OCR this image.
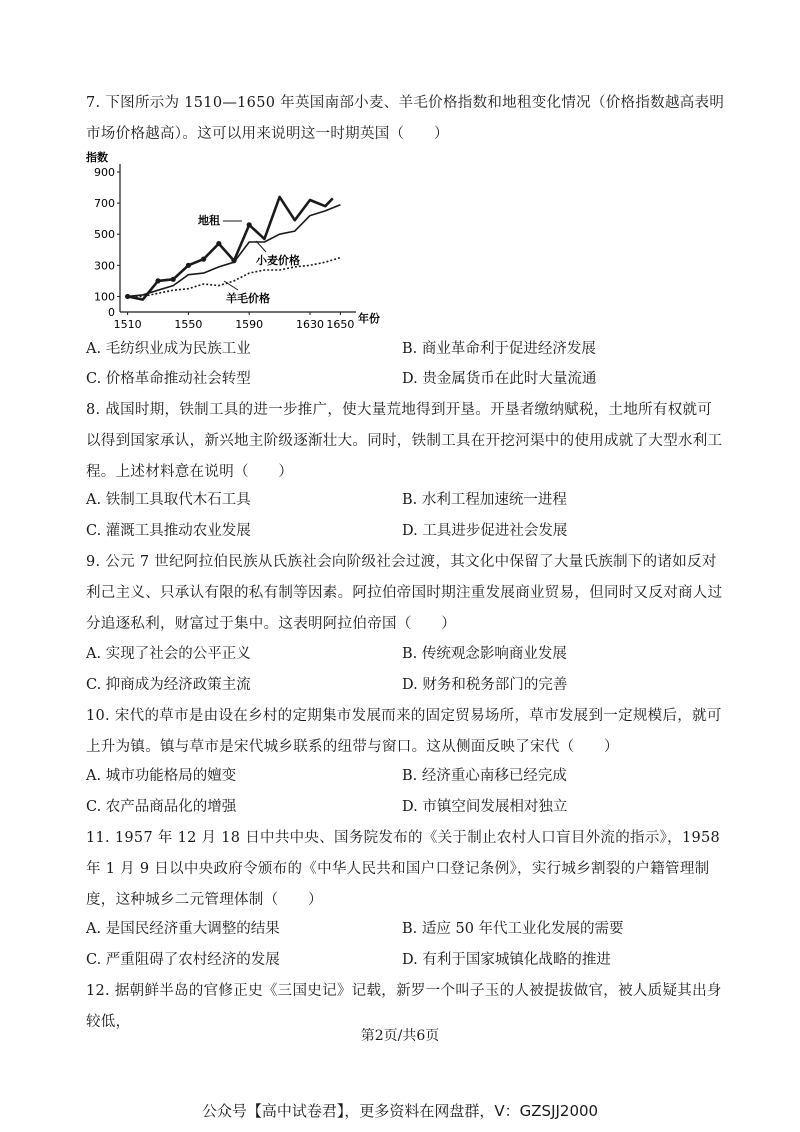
7. 下图所示为 1510—1650 年英国南部小麦、羊毛价格指数和地租变化情况（价格指数越高表明市场价格越高）。这可以用来说明这一时期英国（　　）
指数
年份
100
300
500
700
900
0
1510	1550	1590	1630 1650
地租
小麦价格
羊毛价格
A. 毛纺织业成为民族工业	B. 商业革命利于促进经济发展
C. 价格革命推动社会转型	D. 贵金属货币在此时大量流通
8. 战国时期，铁制工具的进一步推广，使大量荒地得到开垦。开垦者缴纳赋税，土地所有权就可以得到国家承认，新兴地主阶级逐渐壮大。同时，铁制工具在开挖河渠中的使用成就了大型水利工程。上述材料意在说明（　　）
A. 铁制工具取代木石工具	B. 水利工程加速统一进程
C. 灌溉工具推动农业发展	D. 工具进步促进社会发展
9. 公元 7 世纪阿拉伯民族从氏族社会向阶级社会过渡，其文化中保留了大量氏族制下的诸如反对利己主义、只承认有限的私有制等因素。阿拉伯帝国时期注重发展商业贸易，但同时又反对商人过分追逐私利，财富过于集中。这表明阿拉伯帝国（　　）
A. 实现了社会的公平正义	B. 传统观念影响商业发展
C. 抑商成为经济政策主流	D. 财务和税务部门的完善
10. 宋代的草市是由设在乡村的定期集市发展而来的固定贸易场所，草市发展到一定规模后，就可上升为镇。镇与草市是宋代城乡联系的纽带与窗口。这从侧面反映了宋代（　　）
A. 城市功能格局的嬗变	B. 经济重心南移已经完成
C. 农产品商品化的增强	D. 市镇空间发展相对独立
11. 1957 年 12 月 18 日中共中央、国务院发布的《关于制止农村人口盲目外流的指示》，1958 年 1 月 9 日以中央政府令颁布的《中华人民共和国户口登记条例》，实行城乡割裂的户籍管理制度，这种城乡二元管理体制（　　）
A. 是国民经济重大调整的结果	B. 适应 50 年代工业化发展的需要
C. 严重阻碍了农村经济的发展	D. 有利于国家城镇化战略的推进
12. 据朝鲜半岛的官修正史《三国史记》记载，新罗一个叫子玉的人被提拔做官，被人质疑其出身较低，
第2页/共6页
公众号【高中试卷君】，更多资料在网盘群，V：GZSJJ2000
